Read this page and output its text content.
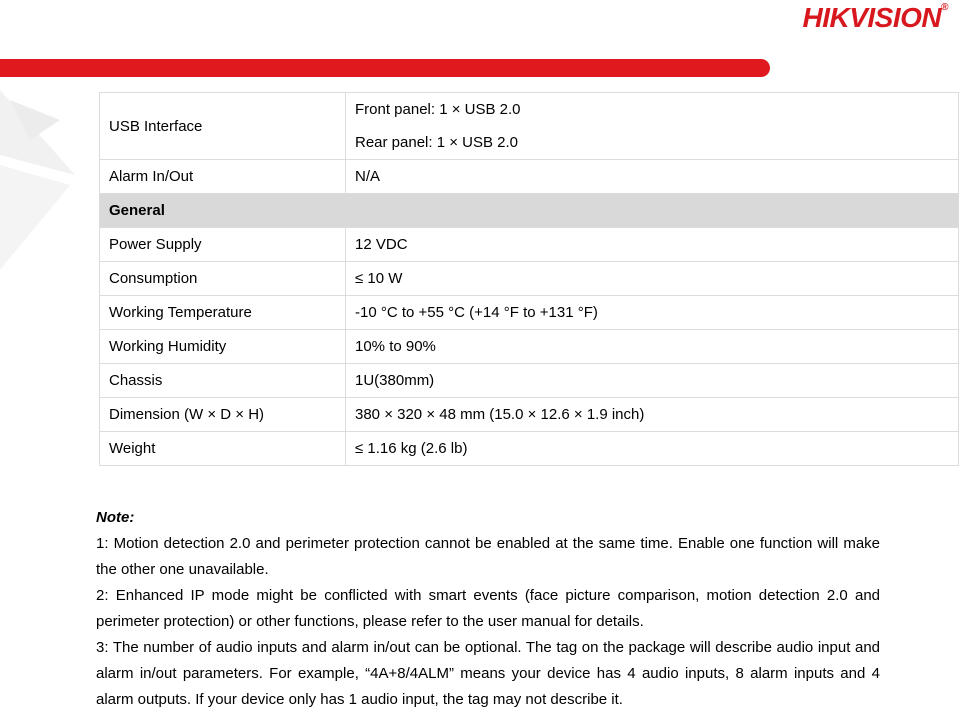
HIKVISION®
USB Interface	Front panel: 1 × USB 2.0
Rear panel: 1 × USB 2.0

Alarm In/Out	N/A
General	
Power Supply	12 VDC
Consumption	≤ 10 W
Working Temperature	-10 °C to +55 °C (+14 °F to +131 °F)
Working Humidity	10% to 90%
Chassis	1U(380mm)
Dimension (W × D × H)	380 × 320 × 48 mm (15.0 × 12.6 × 1.9 inch)
Weight	≤ 1.16 kg (2.6 lb)
Note:

1: Motion detection 2.0 and perimeter protection cannot be enabled at the same time. Enable one function will make the other one unavailable.

2: Enhanced IP mode might be conflicted with smart events (face picture comparison, motion detection 2.0 and perimeter protection) or other functions, please refer to the user manual for details.

3: The number of audio inputs and alarm in/out can be optional. The tag on the package will describe audio input and alarm in/out parameters. For example, “4A+8/4ALM” means your device has 4 audio inputs, 8 alarm inputs and 4 alarm outputs. If your device only has 1 audio input, the tag may not describe it.
